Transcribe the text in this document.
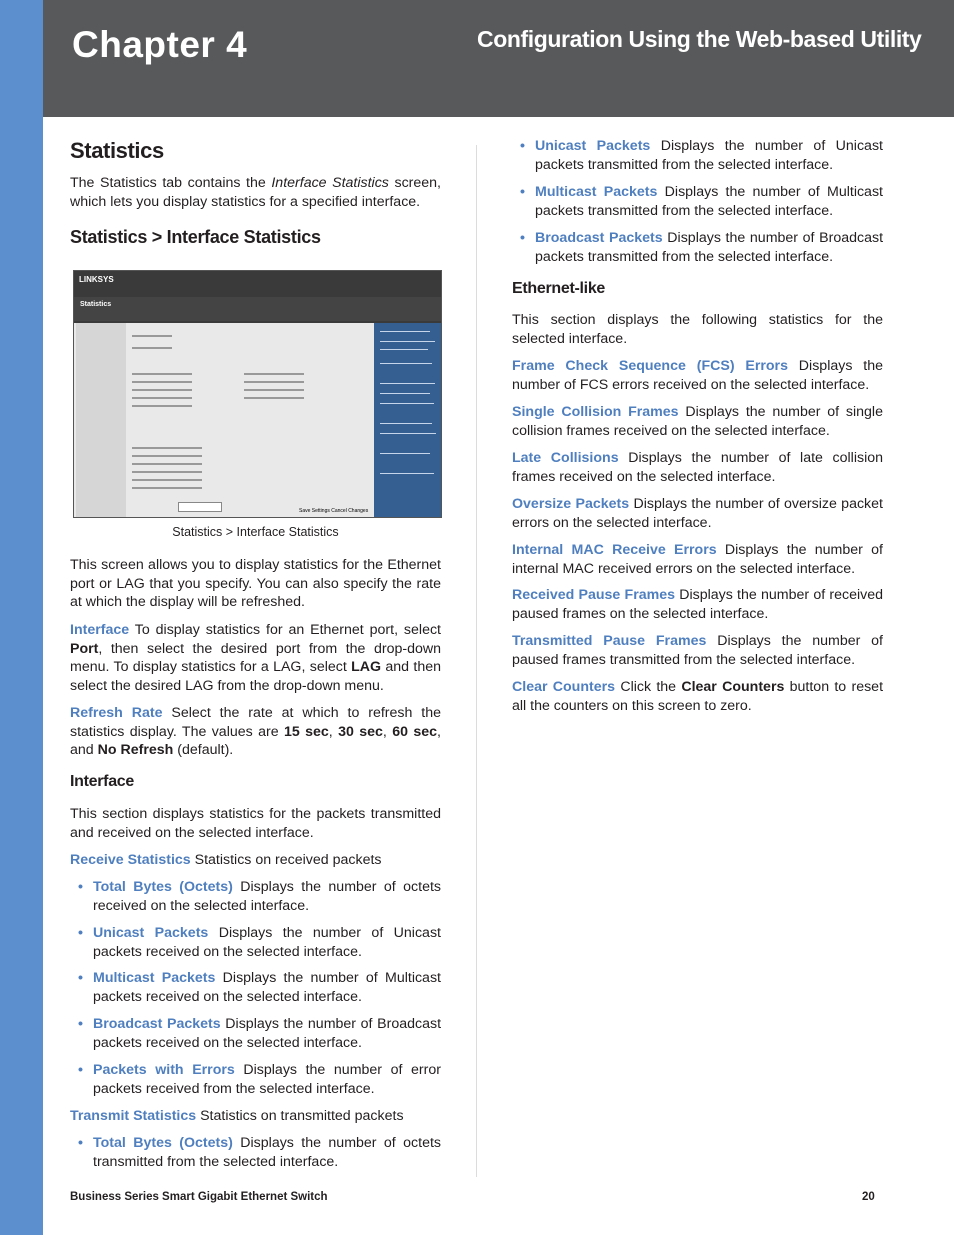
Chapter 4	Configuration Using the Web-based Utility
Statistics

The Statistics tab contains the Interface Statistics screen, which lets you display statistics for a specified interface.

Statistics > Interface Statistics
LINKSYS
Statistics
Save Settings Cancel Changes
Statistics > Interface Statistics

This screen allows you to display statistics for the Ethernet port or LAG that you specify. You can also specify the rate at which the display will be refreshed.

Interface To display statistics for an Ethernet port, select Port, then select the desired port from the drop-down menu. To display statistics for a LAG, select LAG and then select the desired LAG from the drop-down menu.

Refresh Rate Select the rate at which to refresh the statistics display. The values are 15 sec, 30 sec, 60 sec, and No Refresh (default).

Interface

This section displays statistics for the packets transmitted and received on the selected interface.

Receive Statistics Statistics on received packets

• Total Bytes (Octets) Displays the number of octets received on the selected interface.
• Unicast Packets Displays the number of Unicast packets received on the selected interface.
• Multicast Packets Displays the number of Multicast packets received on the selected interface.
• Broadcast Packets Displays the number of Broadcast packets received on the selected interface.
• Packets with Errors Displays the number of error packets received from the selected interface.

Transmit Statistics Statistics on transmitted packets

• Total Bytes (Octets) Displays the number of octets transmitted from the selected interface.
• Unicast Packets Displays the number of Unicast packets transmitted from the selected interface.
• Multicast Packets Displays the number of Multicast packets transmitted from the selected interface.
• Broadcast Packets Displays the number of Broadcast packets transmitted from the selected interface.
Ethernet-like

This section displays the following statistics for the selected interface.

Frame Check Sequence (FCS) Errors Displays the number of FCS errors received on the selected interface.

Single Collision Frames Displays the number of single collision frames received on the selected interface.

Late Collisions Displays the number of late collision frames received on the selected interface.

Oversize Packets Displays the number of oversize packet errors on the selected interface.

Internal MAC Receive Errors Displays the number of internal MAC received errors on the selected interface.

Received Pause Frames Displays the number of received paused frames on the selected interface.

Transmitted Pause Frames Displays the number of paused frames transmitted from the selected interface.

Clear Counters Click the Clear Counters button to reset all the counters on this screen to zero.

Business Series Smart Gigabit Ethernet Switch	20
